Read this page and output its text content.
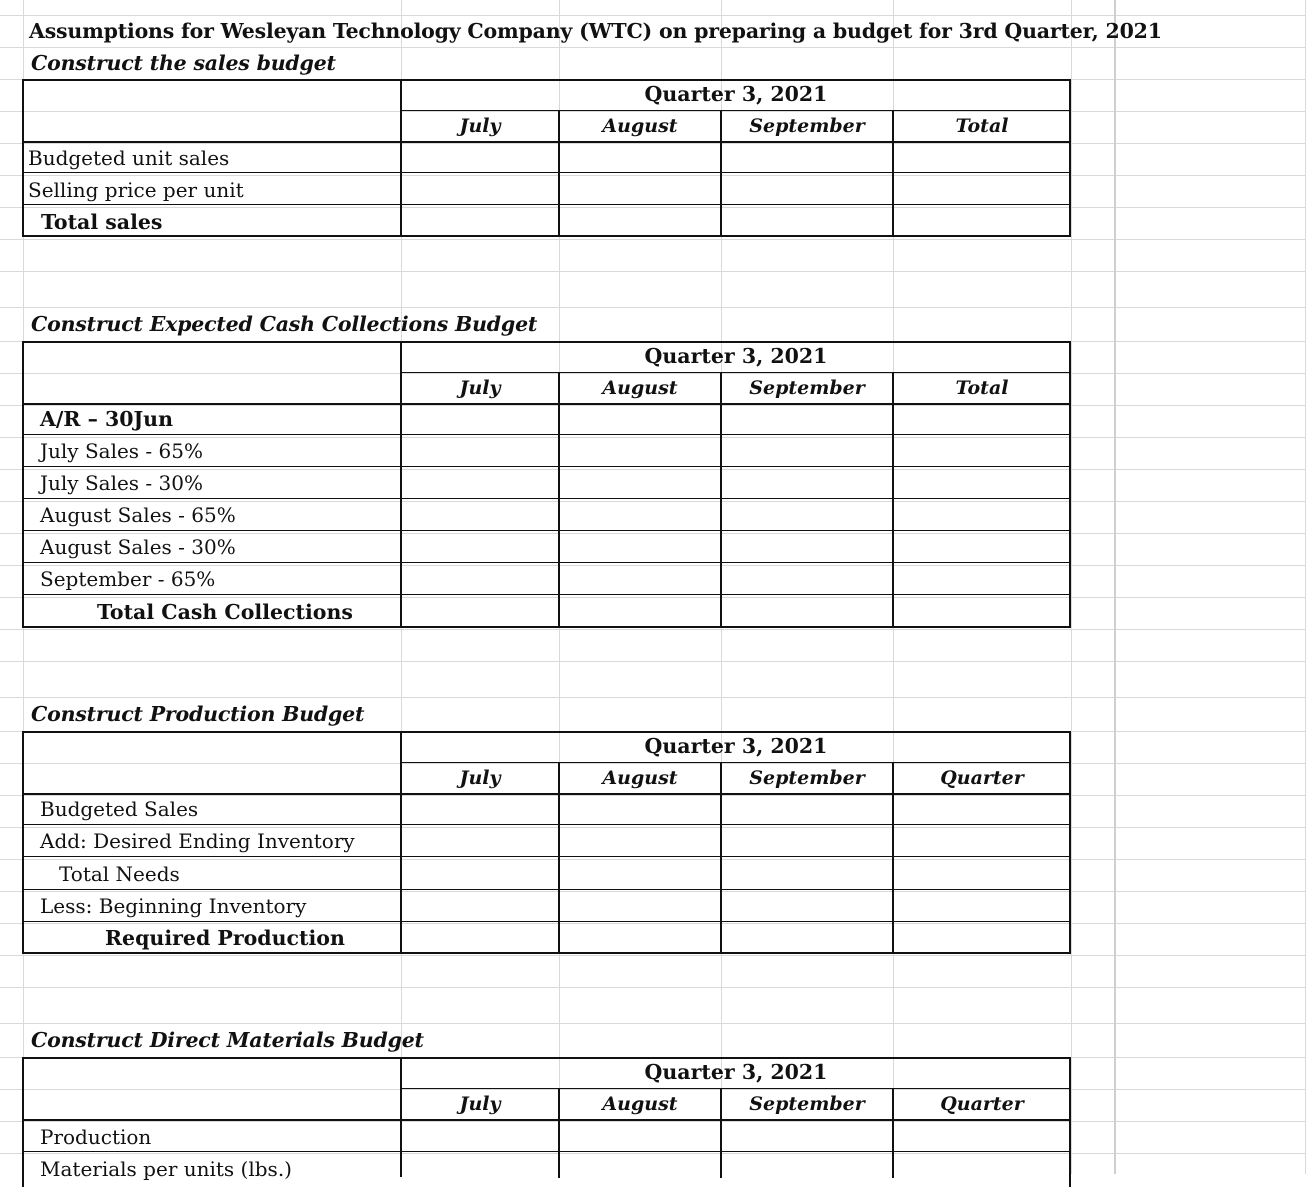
Assumptions for Wesleyan Technology Company (WTC) on preparing a budget for 3rd Quarter, 2021
Construct the sales budget
Quarter 3, 2021
July	August	September	Total
Budgeted unit sales
Selling price per unit
Total sales
Construct Expected Cash Collections Budget
Quarter 3, 2021
July	August	September	Total
A/R – 30Jun
July Sales - 65%
July Sales - 30%
August Sales - 65%
August Sales - 30%
September - 65%
Total Cash Collections
Construct Production Budget
Quarter 3, 2021
July	August	September	Quarter
Budgeted Sales
Add: Desired Ending Inventory
Total Needs
Less: Beginning Inventory
Required Production
Construct Direct Materials Budget
Quarter 3, 2021
July	August	September	Quarter
Production
Materials per units (lbs.)
